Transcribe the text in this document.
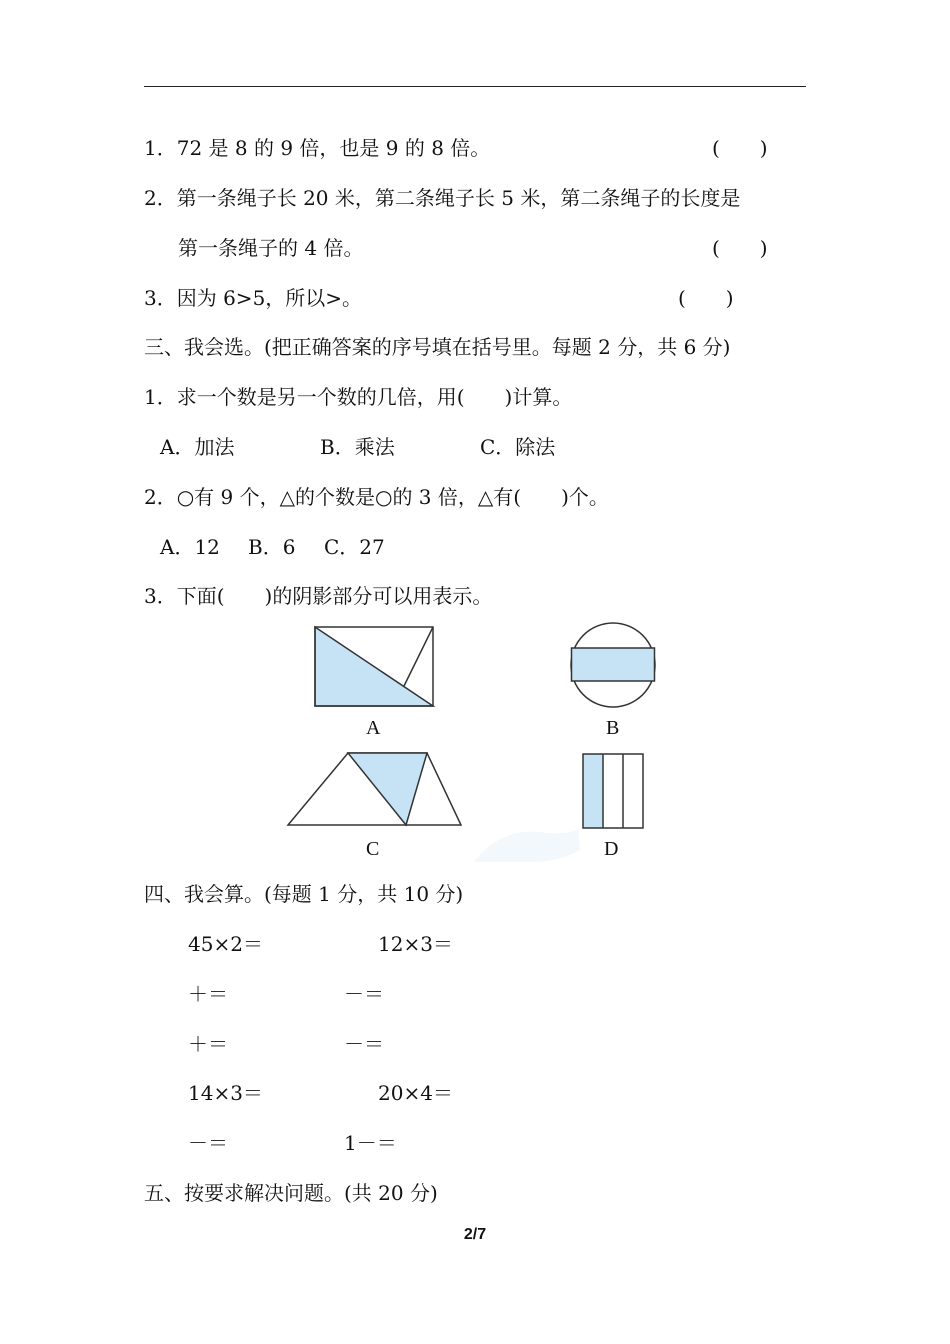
1．72 是 8 的 9 倍，也是 9 的 8 倍。	(　　)
2．第一条绳子长 20 米，第二条绳子长 5 米，第二条绳子的长度是
第一条绳子的 4 倍。	(　　)
3．因为 6>5，所以>。	(　　)
三、我会选。(把正确答案的序号填在括号里。每题 2 分，共 6 分)
1．求一个数是另一个数的几倍，用(　　)计算。
A．加法	B．乘法	C．除法
2．○有 9 个，△的个数是○的 3 倍，△有(　　)个。
A．12 B．6 C．27
3．下面(　　)的阴影部分可以用表示。
A	B
C	D
四、我会算。(每题 1 分，共 10 分)
45×2＝	12×3＝
＋＝	－＝
＋＝	－＝
14×3＝	20×4＝
－＝	1－＝
五、按要求解决问题。(共 20 分)
2/7
